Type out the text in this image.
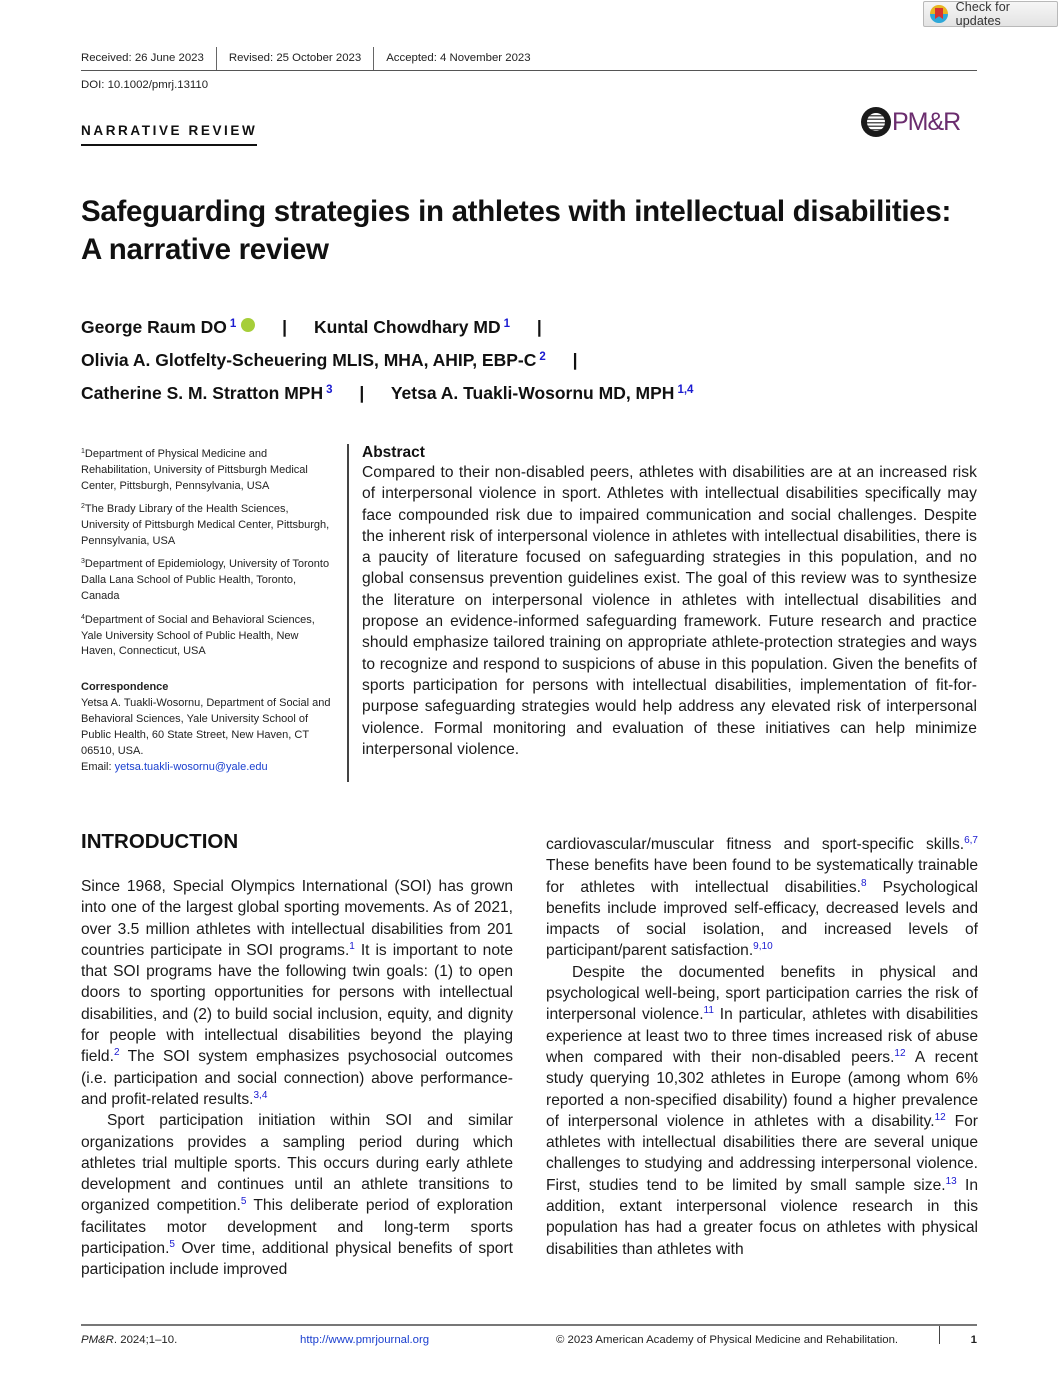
Check for updates
Received: 26 June 2023	Revised: 25 October 2023	Accepted: 4 November 2023
DOI: 10.1002/pmrj.13110
NARRATIVE REVIEW	PM&R
Safeguarding strategies in athletes with intellectual disabilities: A narrative review
George Raum DO $^1$ iD	| Kuntal Chowdhary MD $^1$ |
Olivia A. Glotfelty-Scheuering MLIS, MHA, AHIP, EBP-C $^2$ |
Catherine S. M. Stratton MPH $^3$ | Yetsa A. Tuakli-Wosornu MD, MPH $^{1,4}$
$^1$Department of Physical Medicine and Rehabilitation, University of Pittsburgh Medical Center, Pittsburgh, Pennsylvania, USA
$^2$The Brady Library of the Health Sciences, University of Pittsburgh Medical Center, Pittsburgh, Pennsylvania, USA
$^3$Department of Epidemiology, University of Toronto Dalla Lana School of Public Health, Toronto, Canada
$^4$Department of Social and Behavioral Sciences, Yale University School of Public Health, New Haven, Connecticut, USA
Correspondence
Yetsa A. Tuakli-Wosornu, Department of Social and Behavioral Sciences, Yale University School of Public Health, 60 State Street, New Haven, CT 06510, USA.
Email: yetsa.tuakli-wosornu@yale.edu
Abstract

Compared to their non-disabled peers, athletes with disabilities are at an increased risk of interpersonal violence in sport. Athletes with intellectual disabilities specifically may face compounded risk due to impaired communication and social challenges. Despite the inherent risk of interpersonal violence in athletes with intellectual disabilities, there is a paucity of literature focused on safeguarding strategies in this population, and no global consensus prevention guidelines exist. The goal of this review was to synthesize the literature on interpersonal violence in athletes with intellectual disabilities and propose an evidence-informed safeguarding framework. Future research and practice should emphasize tailored training on appropriate athlete-protection strategies and ways to recognize and respond to suspicions of abuse in this population. Given the benefits of sports participation for persons with intellectual disabilities, implementation of fit-for-purpose safeguarding strategies would help address any elevated risk of interpersonal violence. Formal monitoring and evaluation of these initiatives can help minimize interpersonal violence.

INTRODUCTION

Since 1968, Special Olympics International (SOI) has grown into one of the largest global sporting movements. As of 2021, over 3.5 million athletes with intellectual disabilities from 201 countries participate in SOI programs.$^1$ It is important to note that SOI programs have the following twin goals: (1) to open doors to sporting opportunities for persons with intellectual disabilities, and (2) to build social inclusion, equity, and dignity for people with intellectual disabilities beyond the playing field.$^2$ The SOI system emphasizes psychosocial outcomes (i.e. participation and social connection) above performance- and profit-related results.$^{3,4}$

Sport participation initiation within SOI and similar organizations provides a sampling period during which athletes trial multiple sports. This occurs during early athlete development and continues until an athlete transitions to organized competition.$^5$ This deliberate period of exploration facilitates motor development and long-term sports participation.$^5$ Over time, additional physical benefits of sport participation include improved

cardiovascular/muscular fitness and sport-specific skills.$^{6,7}$ These benefits have been found to be systematically trainable for athletes with intellectual disabilities.$^8$ Psychological benefits include improved self-efficacy, decreased levels and impacts of social isolation, and increased levels of participant/parent satisfaction.$^{9,10}$

Despite the documented benefits in physical and psychological well-being, sport participation carries the risk of interpersonal violence.$^{11}$ In particular, athletes with disabilities experience at least two to three times increased risk of abuse when compared with their non-disabled peers.$^{12}$ A recent study querying 10,302 athletes in Europe (among whom 6% reported a non-specified disability) found a higher prevalence of interpersonal violence in athletes with a disability.$^{12}$ For athletes with intellectual disabilities there are several unique challenges to studying and addressing interpersonal violence. First, studies tend to be limited by small sample size.$^{13}$ In addition, extant interpersonal violence research in this population has had a greater focus on athletes with physical disabilities than athletes with

PM&R. 2024;1–10.	http://www.pmrjournal.org	© 2023 American Academy of Physical Medicine and Rehabilitation.	1
